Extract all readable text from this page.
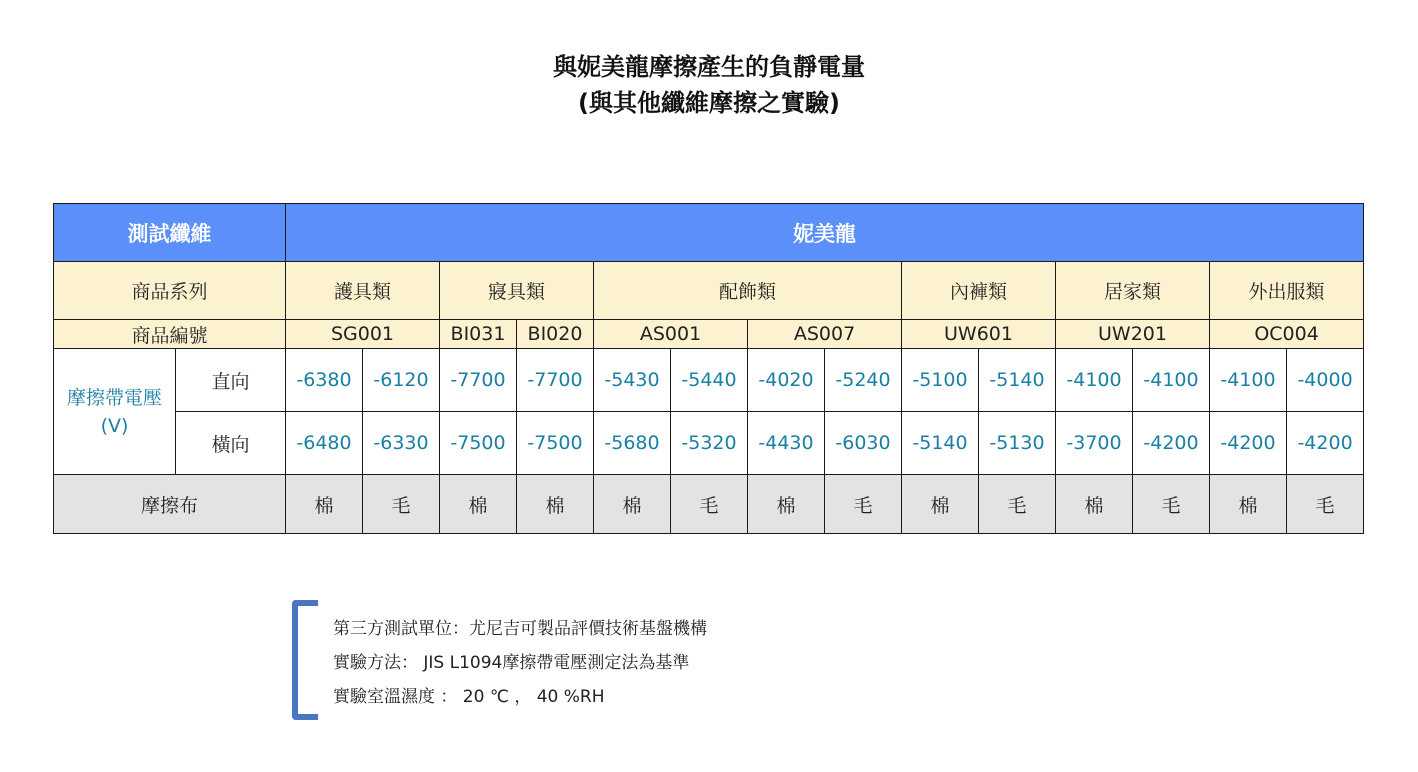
與妮美龍摩擦產生的負靜電量
(與其他纖維摩擦之實驗)
測試纖維		妮美龍													
商品系列		護具類		寢具類		配飾類				內褲類		居家類		外出服類	
商品編號		SG001		BI031	BI020	AS001		AS007		UW601		UW201		OC004	

摩擦帶電壓
(V)	直向	-6380	-6120	-7700	-7700	-5430	-5440	-4020	-5240	-5100	-5140	-4100	-4100	-4100	-4000
	橫向	-6480	-6330	-7500	-7500	-5680	-5320	-4430	-6030	-5140	-5130	-3700	-4200	-4200	-4200
摩擦布		棉	毛	棉	棉	棉	毛	棉	毛	棉	毛	棉	毛	棉	毛
第三方測試單位：尤尼吉可製品評價技術基盤機構
實驗方法： JIS L1094摩擦帶電壓測定法為基準
實驗室溫濕度 ： 20 ℃ ， 40 %RH
